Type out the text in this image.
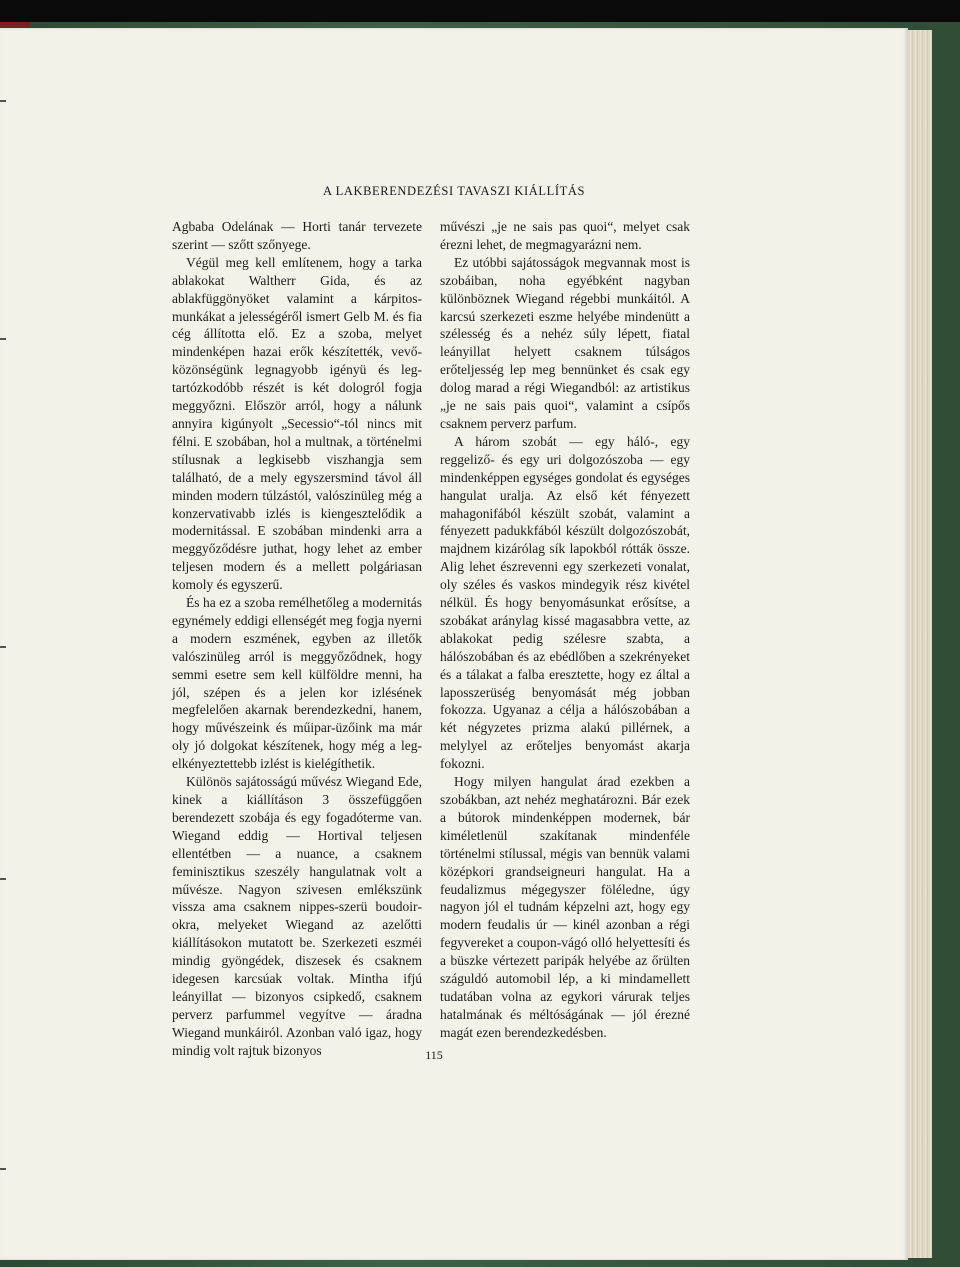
A LAKBERENDEZÉSI TAVASZI KIÁLLÍTÁS

Agbaba Odelának — Horti tanár tervezete szerint — szőtt szőnyege.

Végül meg kell említenem, hogy a tarka ablakokat Waltherr Gida, és az ablakfüggönyöket valamint a kárpitosmunkákat a jelességéről ismert Gelb M. és fia cég állította elő. Ez a szoba, melyet mindenképen hazai erők készítették, vevőközönségünk legnagyobb igényü és legtartózkodóbb részét is két dologról fogja meggyőzni. Először arról, hogy a nálunk annyira kigúnyolt „Secessio“-tól nincs mit félni. E szobában, hol a multnak, a történelmi stílusnak a legkisebb viszhangja sem található, de a mely egyszersmind távol áll minden modern túlzástól, valószinüleg még a konzervativabb izlés is kiengesztelődik a modernitással. E szobában mindenki arra a meggyőződésre juthat, hogy lehet az ember teljesen modern és a mellett polgáriasan komoly és egyszerű.

És ha ez a szoba remélhetőleg a modernitás egynémely eddigi ellenségét meg fogja nyerni a modern eszmének, egyben az illetők valószinüleg arról is meggyőződnek, hogy semmi esetre sem kell külföldre menni, ha jól, szépen és a jelen kor izlésének megfelelően akarnak berendezkedni, hanem, hogy művészeink és műipar-üzőink ma már oly jó dolgokat készítenek, hogy még a legelkényeztettebb izlést is kielégíthetik.

Különös sajátosságú művész Wiegand Ede, kinek a kiállításon 3 összefüggően berendezett szobája és egy fogadóterme van. Wiegand eddig — Hortival teljesen ellentétben — a nuance, a csaknem feminisztikus szeszély hangulatnak volt a művésze. Nagyon szivesen emlékszünk vissza ama csaknem nippes-szerü boudoirokra, melyeket Wiegand az azelőtti kiállításokon mutatott be. Szerkezeti eszméi mindig gyöngédek, diszesek és csaknem idegesen karcsúak voltak. Mintha ifjú leányillat — bizonyos csipkedő, csaknem perverz parfummel vegyítve — áradna Wiegand munkáiról. Azonban való igaz, hogy mindig volt rajtuk bizonyos

művészi „je ne sais pas quoi“, melyet csak érezni lehet, de megmagyarázni nem.

Ez utóbbi sajátosságok megvannak most is szobáiban, noha egyébként nagyban különböznek Wiegand régebbi munkáitól. A karcsú szerkezeti eszme helyébe mindenütt a szélesség és a nehéz súly lépett, fiatal leányillat helyett csaknem túlságos erőteljesség lep meg bennünket és csak egy dolog marad a régi Wiegandból: az artistikus „je ne sais pais quoi“, valamint a csípős csaknem perverz parfum.

A három szobát — egy háló-, egy reggeliző- és egy uri dolgozószoba — egy mindenképpen egységes gondolat és egységes hangulat uralja. Az első két fényezett mahagonifából készült szobát, valamint a fényezett padukkfából készült dolgozószobát, majdnem kizárólag sík lapokból rótták össze. Alig lehet észrevenni egy szerkezeti vonalat, oly széles és vaskos mindegyik rész kivétel nélkül. És hogy benyomásunkat erősítse, a szobákat aránylag kissé magasabbra vette, az ablakokat pedig szélesre szabta, a hálószobában és az ebédlőben a szekrényeket és a tálakat a falba eresztette, hogy ez által a laposszerüség benyomását még jobban fokozza. Ugyanaz a célja a hálószobában a két négyzetes prizma alakú pillérnek, a melylyel az erőteljes benyomást akarja fokozni.

Hogy milyen hangulat árad ezekben a szobákban, azt nehéz meghatározni. Bár ezek a bútorok mindenképpen modernek, bár kiméletlenül szakítanak mindenféle történelmi stílussal, mégis van bennük valami középkori grandseigneuri hangulat. Ha a feudalizmus mégegyszer föléledne, úgy nagyon jól el tudnám képzelni azt, hogy egy modern feudalis úr — kinél azonban a régi fegyvereket a coupon-vágó olló helyettesíti és a büszke vértezett paripák helyébe az őrülten száguldó automobil lép, a ki mindamellett tudatában volna az egykori várurak teljes hatalmának és méltóságának — jól érezné magát ezen berendezkedésben.

115
